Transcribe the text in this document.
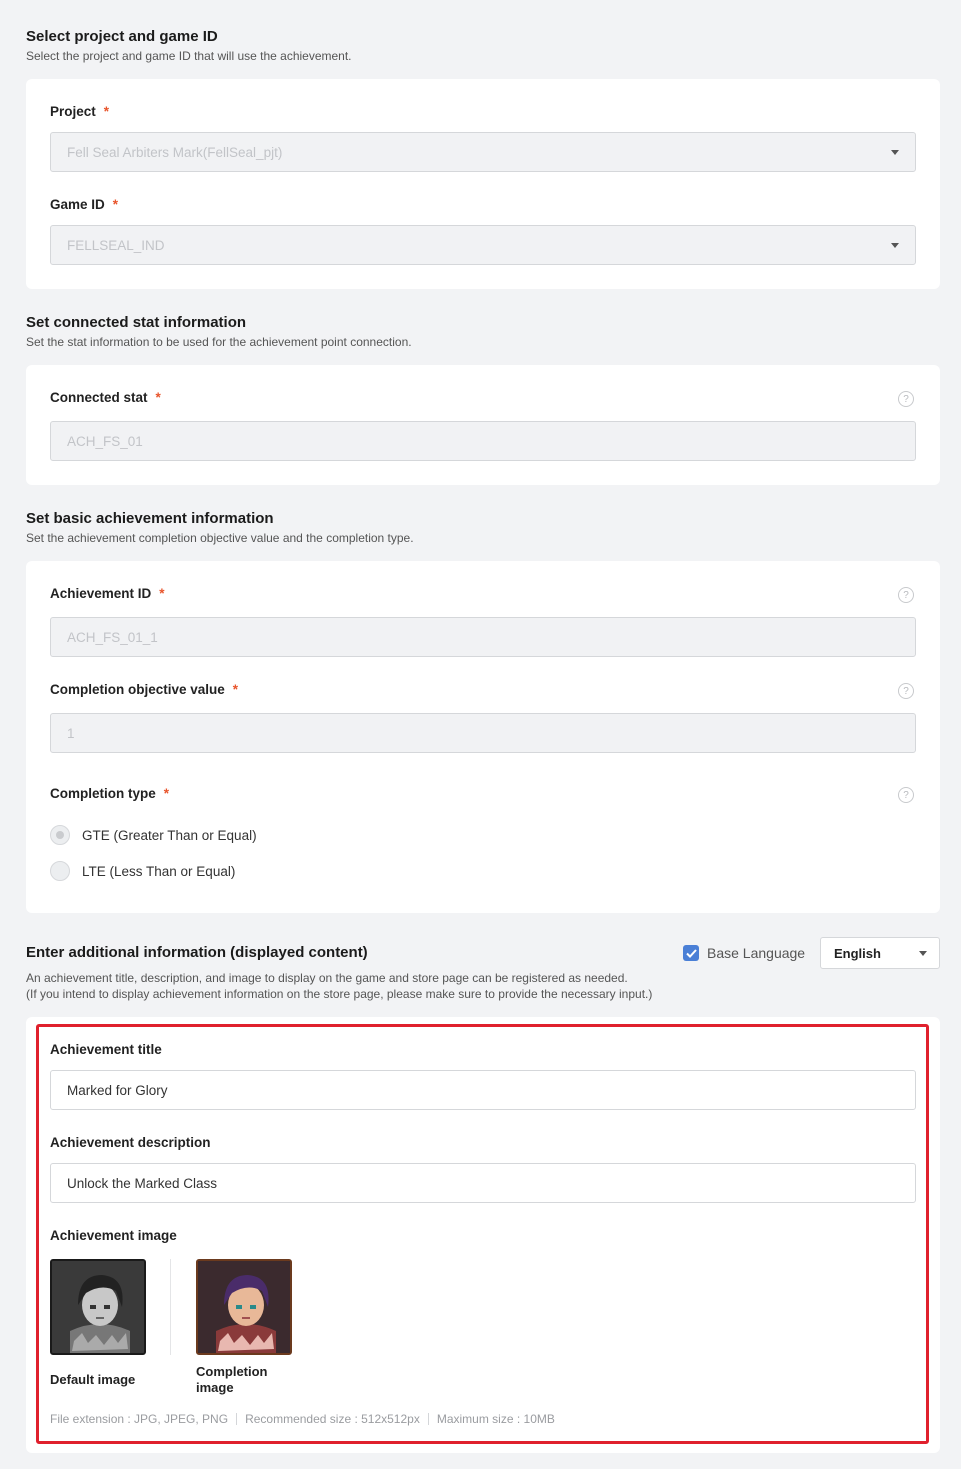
Select project and game ID
Select the project and game ID that will use the achievement.
Project *
Fell Seal Arbiters Mark(FellSeal_pjt)
Game ID *
FELLSEAL_IND
Set connected stat information
Set the stat information to be used for the achievement point connection.
Connected stat *	?
ACH_FS_01
Set basic achievement information
Set the achievement completion objective value and the completion type.
Achievement ID *	?
ACH_FS_01_1
Completion objective value *	?
1
Completion type *	?
GTE (Greater Than or Equal)
LTE (Less Than or Equal)
Enter additional information (displayed content)	Base Language English
An achievement title, description, and image to display on the game and store page can be registered as needed.
(If you intend to display achievement information on the store page, please make sure to provide the necessary input.)
Achievement title
Marked for Glory
Achievement description
Unlock the Marked Class
Achievement image
Default image
Completion
image
File extension : JPG, JPEG, PNG Recommended size : 512x512px Maximum size : 10MB
